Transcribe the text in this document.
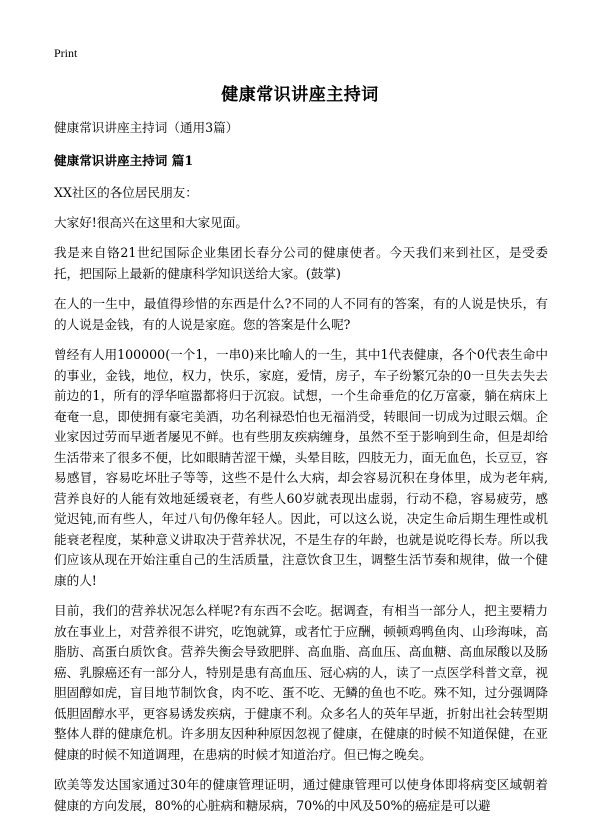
Print
健康常识讲座主持词

健康常识讲座主持词（通用3篇）

健康常识讲座主持词 篇1

XX社区的各位居民朋友：

大家好!很高兴在这里和大家见面。

我是来自铬21世纪国际企业集团长春分公司的健康使者。今天我们来到社区，是受委托，把国际上最新的健康科学知识送给大家。(鼓掌)

在人的一生中，最值得珍惜的东西是什么?不同的人不同有的答案，有的人说是快乐，有的人说是金钱，有的人说是家庭。您的答案是什么呢?

曾经有人用100000(一个1，一串0)来比喻人的一生，其中1代表健康，各个0代表生命中的事业，金钱，地位，权力，快乐，家庭，爱情，房子，车子纷繁冗杂的0一旦失去失去前边的1，所有的浮华喧嚣都将归于沉寂。试想，一个生命垂危的亿万富豪，躺在病床上奄奄一息，即使拥有豪宅美酒，功名利禄恐怕也无福消受，转眼间一切成为过眼云烟。企业家因过劳而早逝者屡见不鲜。也有些朋友疾病缠身，虽然不至于影响到生命，但是却给生活带来了很多不便，比如眼睛苦涩干燥，头晕目眩，四肢无力，面无血色，长豆豆，容易感冒，容易吃坏肚子等等，这些不是什么大病，却会容易沉积在身体里，成为老年病,营养良好的人能有效地延缓衰老，有些人60岁就表现出虚弱，行动不稳，容易疲劳，感觉迟钝,而有些人，年过八旬仍像年轻人。因此，可以这么说，决定生命后期生理性或机能衰老程度，某种意义讲取决于营养状况，不是生存的年龄，也就是说吃得长寿。所以我们应该从现在开始注重自己的生活质量，注意饮食卫生，调整生活节奏和规律，做一个健康的人!

目前，我们的营养状况怎么样呢?有东西不会吃。据调查，有相当一部分人，把主要精力放在事业上，对营养很不讲究，吃饱就算，或者忙于应酬，顿顿鸡鸭鱼肉、山珍海味，高脂肪、高蛋白质饮食。营养失衡会导致肥胖、高血脂、高血压、高血糖、高血尿酸以及肠癌、乳腺癌还有一部分人，特别是患有高血压、冠心病的人，读了一点医学科普文章，视胆固醇如虎，盲目地节制饮食，肉不吃、蛋不吃、无鳞的鱼也不吃。殊不知，过分强调降低胆固醇水平，更容易诱发疾病，于健康不利。众多名人的英年早逝，折射出社会转型期整体人群的健康危机。许多朋友因种种原因忽视了健康，在健康的时候不知道保健，在亚健康的时候不知道调理，在患病的时候才知道治疗。但已悔之晚矣。

欧美等发达国家通过30年的健康管理证明，通过健康管理可以使身体即将病变区域朝着健康的方向发展，80%的心脏病和糖尿病，70%的中风及50%的癌症是可以避
